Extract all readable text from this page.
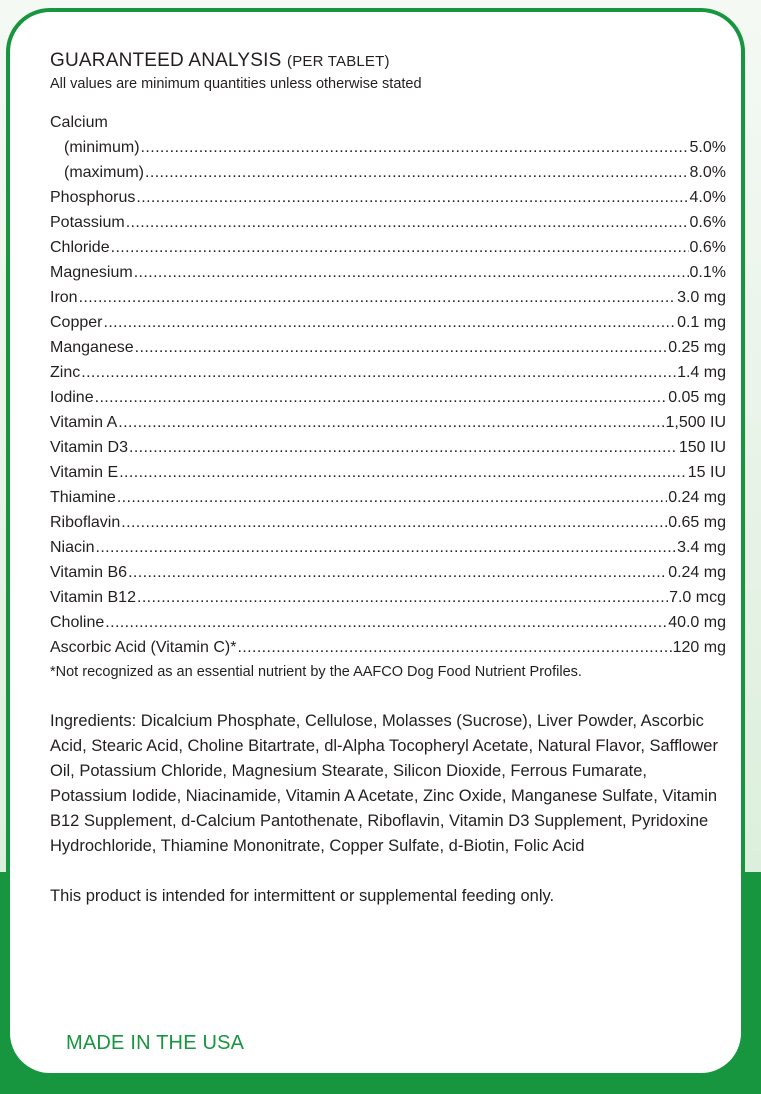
GUARANTEED ANALYSIS (PER TABLET)

All values are minimum quantities unless otherwise stated

Calcium
(minimum) .....	5.0%
(maximum) .....	8.0%
Phosphorus .....	4.0%
Potassium .....	0.6%
Chloride .....	0.6%
Magnesium .....	0.1%
Iron .....	3.0 mg
Copper .....	0.1 mg
Manganese .....	0.25 mg
Zinc .....	1.4 mg
Iodine .....	0.05 mg
Vitamin A .....	1,500 IU
Vitamin D3 .....	150 IU
Vitamin E .....	15 IU
Thiamine .....	0.24 mg
Riboflavin .....	0.65 mg
Niacin .....	3.4 mg
Vitamin B6 .....	0.24 mg
Vitamin B12 .....	7.0 mcg
Choline .....	40.0 mg
Ascorbic Acid (Vitamin C)* .....	120 mg

*Not recognized as an essential nutrient by the AAFCO Dog Food Nutrient Profiles.

Ingredients: Dicalcium Phosphate, Cellulose, Molasses (Sucrose), Liver Powder, Ascorbic Acid, Stearic Acid, Choline Bitartrate, dl-Alpha Tocopheryl Acetate, Natural Flavor, Safflower Oil, Potassium Chloride, Magnesium Stearate, Silicon Dioxide, Ferrous Fumarate, Potassium Iodide, Niacinamide, Vitamin A Acetate, Zinc Oxide, Manganese Sulfate, Vitamin B12 Supplement, d-Calcium Pantothenate, Riboflavin, Vitamin D3 Supplement, Pyridoxine Hydrochloride, Thiamine Mononitrate, Copper Sulfate, d-Biotin, Folic Acid

This product is intended for intermittent or supplemental feeding only.

MADE IN THE USA
